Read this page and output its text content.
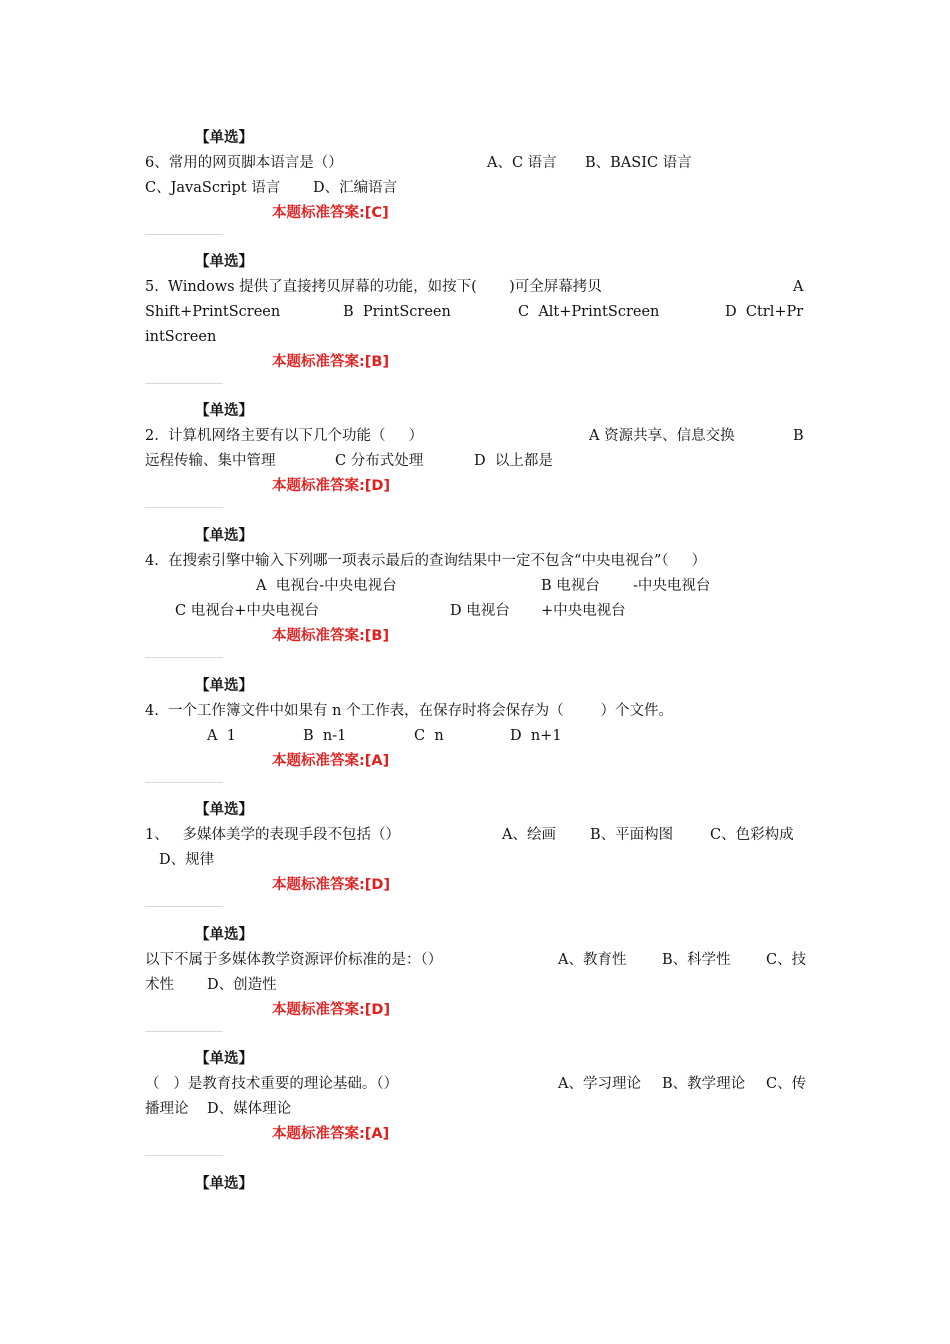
【单选】
6、常用的网页脚本语言是（）	A、C 语言 B、BASIC 语言
C、JavaScript 语言 D、汇编语言
本题标准答案:[C]
【单选】
5.  Windows 提供了直接拷贝屏幕的功能，如按下(       )可全屏幕拷贝	A
Shift+PrintScreen	B  PrintScreen	C  Alt+PrintScreen	D  Ctrl+Pr
intScreen
本题标准答案:[B]
【单选】
2.  计算机网络主要有以下几个功能（     ）	A 资源共享、信息交换	B
远程传输、集中管理	C 分布式处理	D  以上都是
本题标准答案:[D]
【单选】
4.  在搜索引擎中输入下列哪一项表示最后的查询结果中一定不包含“中央电视台”（     ）
A  电视台-中央电视台	B 电视台 -中央电视台
C 电视台+中央电视台	D 电视台 +中央电视台
本题标准答案:[B]
【单选】
4.  一个工作簿文件中如果有 n 个工作表，在保存时将会保存为（        ）个文件。
A  1	B  n-1	C  n	D  n+1
本题标准答案:[A]
【单选】
1、   多媒体美学的表现手段不包括（）	A、绘画 B、平面构图	C、色彩构成
D、规律
本题标准答案:[D]
【单选】
以下不属于多媒体教学资源评价标准的是：（）	A、教育性 B、科学性 C、技
术性 D、创造性
本题标准答案:[D]
【单选】
（   ）是教育技术重要的理论基础。（）	A、学习理论 B、教学理论 C、传
播理论 D、媒体理论
本题标准答案:[A]
【单选】
